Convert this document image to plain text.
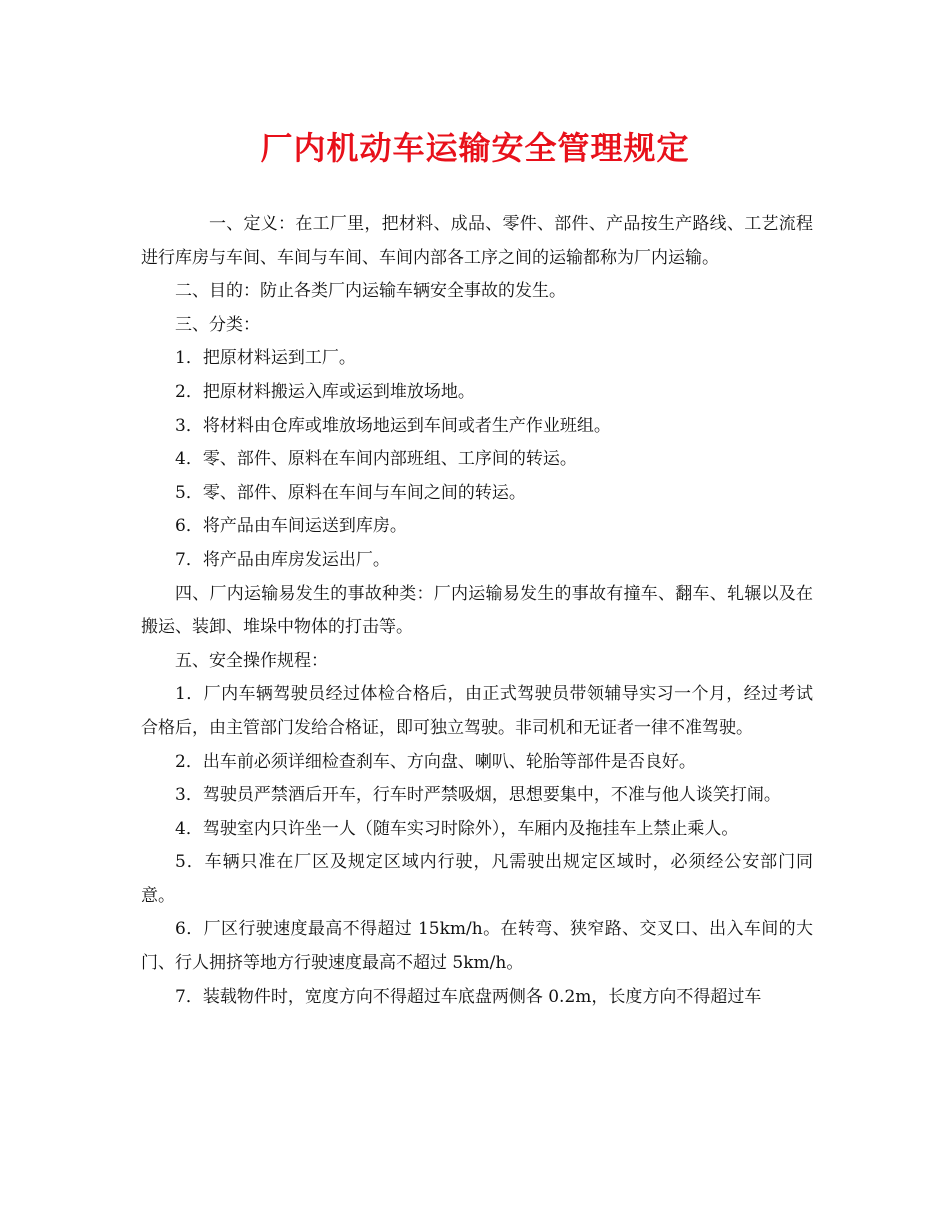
厂内机动车运输安全管理规定

一、定义：在工厂里，把材料、成品、零件、部件、产品按生产路线、工艺流程进行库房与车间、车间与车间、车间内部各工序之间的运输都称为厂内运输。

二、目的：防止各类厂内运输车辆安全事故的发生。

三、分类：

1．把原材料运到工厂。

2．把原材料搬运入库或运到堆放场地。

3．将材料由仓库或堆放场地运到车间或者生产作业班组。

4．零、部件、原料在车间内部班组、工序间的转运。

5．零、部件、原料在车间与车间之间的转运。

6．将产品由车间运送到库房。

7．将产品由库房发运出厂。

四、厂内运输易发生的事故种类：厂内运输易发生的事故有撞车、翻车、轧辗以及在搬运、装卸、堆垛中物体的打击等。

五、安全操作规程：

1．厂内车辆驾驶员经过体检合格后，由正式驾驶员带领辅导实习一个月，经过考试合格后，由主管部门发给合格证，即可独立驾驶。非司机和无证者一律不准驾驶。

2．出车前必须详细检查刹车、方向盘、喇叭、轮胎等部件是否良好。

3．驾驶员严禁酒后开车，行车时严禁吸烟，思想要集中，不准与他人谈笑打闹。

4．驾驶室内只许坐一人（随车实习时除外），车厢内及拖挂车上禁止乘人。

5．车辆只准在厂区及规定区域内行驶，凡需驶出规定区域时，必须经公安部门同意。

6．厂区行驶速度最高不得超过 15km/h。在转弯、狭窄路、交叉口、出入车间的大门、行人拥挤等地方行驶速度最高不超过 5km/h。

7．装载物件时，宽度方向不得超过车底盘两侧各 0.2m，长度方向不得超过车
